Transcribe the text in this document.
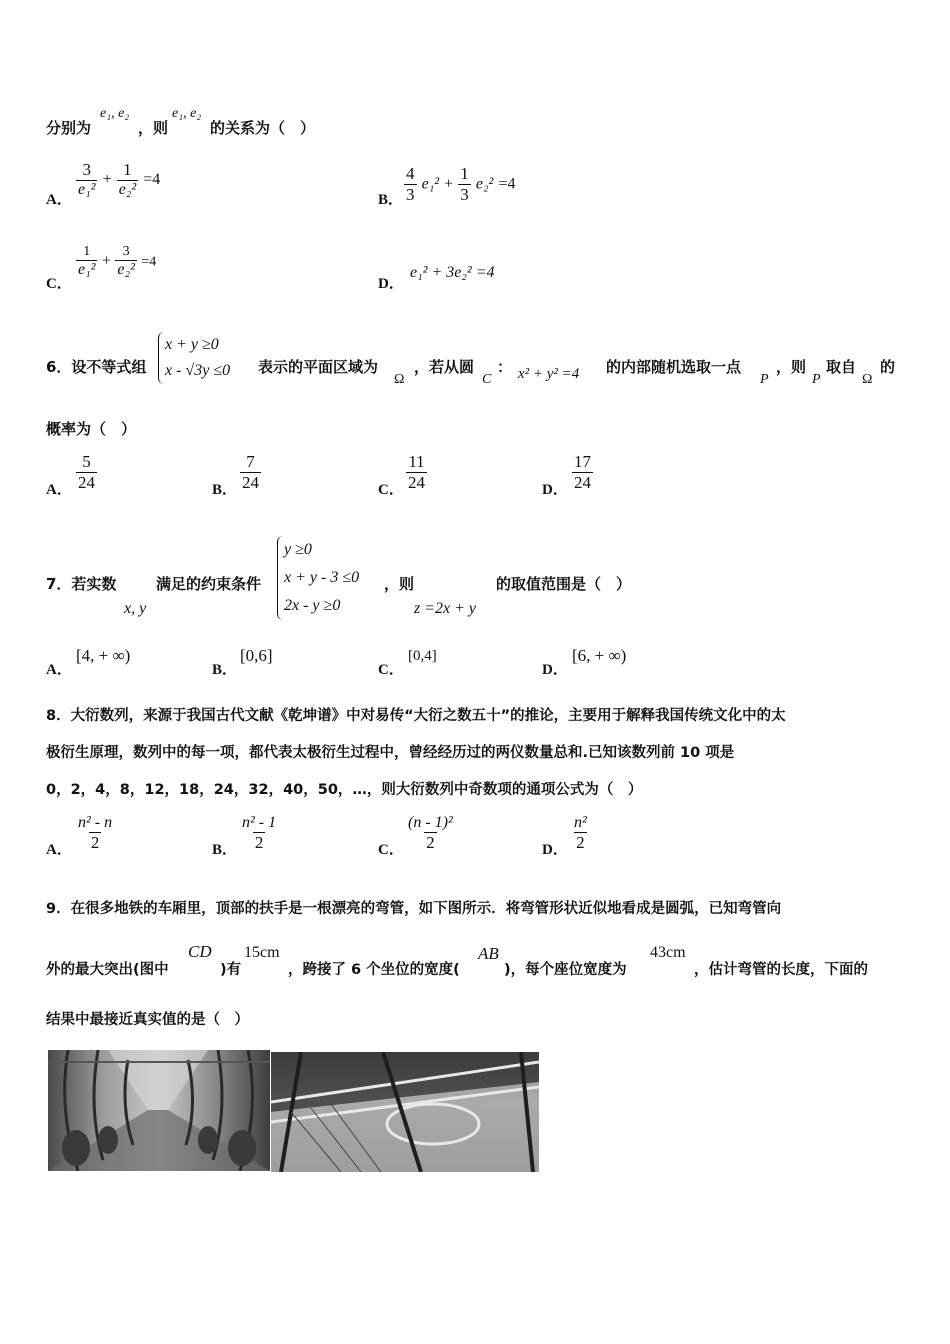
分别为
e₁, e₂
，则
e₁, e₂
的关系为（　）
A．
$\frac{3}{\text{e₁²}} + \frac{1}{\text{e₂²}} =4$
B． $\frac{4}{3} e_1^2 + \frac{1}{3} e_2^2 =4$
C．
$\frac{1}{\text{e₁²}} + \frac{3}{\text{e₂²}} =4$
D．
e₁² + 3e₂² =4
6．设不等式组
x + y ≥0
x - √3y ≤0	表示的平面区域为
Ω
，若从圆
C
： x² + y² =4 的内部随机选取一点
P
，则
P
取自
Ω
的
概率为（　）
A． $\frac{5}{24}$	B． $\frac{7}{24}$	C． $\frac{11}{24}$	D． $\frac{17}{24}$
7．若实数
x, y
满足的约束条件
y ≥0
x + y - 3 ≤0
2x - y ≥0
，则
z =2x + y
的取值范围是（　）
A．
[4, + ∞)
B．
[0,6]
C．
[0,4]
D．
[6, + ∞)
8．大衍数列，来源于我国古代文献《乾坤谱》中对易传“大衍之数五十”的推论，主要用于解释我国传统文化中的太
极衍生原理，数列中的每一项，都代表太极衍生过程中，曾经经历过的两仪数量总和.已知该数列前 10 项是
0，2，4，8，12，18，24，32，40，50，…，则大衍数列中奇数项的通项公式为（　）
A． $\frac{\text{n² - n}}{2}$	B． $\frac{\text{n² - 1}}{2}$	C． $\frac{\text{(n - 1)²}}{2}$	D． $\frac{\text{n²}}{2}$
9．在很多地铁的车厢里，顶部的扶手是一根漂亮的弯管，如下图所示．将弯管形状近似地看成是圆弧，已知弯管向
外的最大突出(图中
CD
)有
15cm
，跨接了 6 个坐位的宽度(
AB
)，每个座位宽度为
43cm
，估计弯管的长度，下面的
结果中最接近真实值的是（　）
